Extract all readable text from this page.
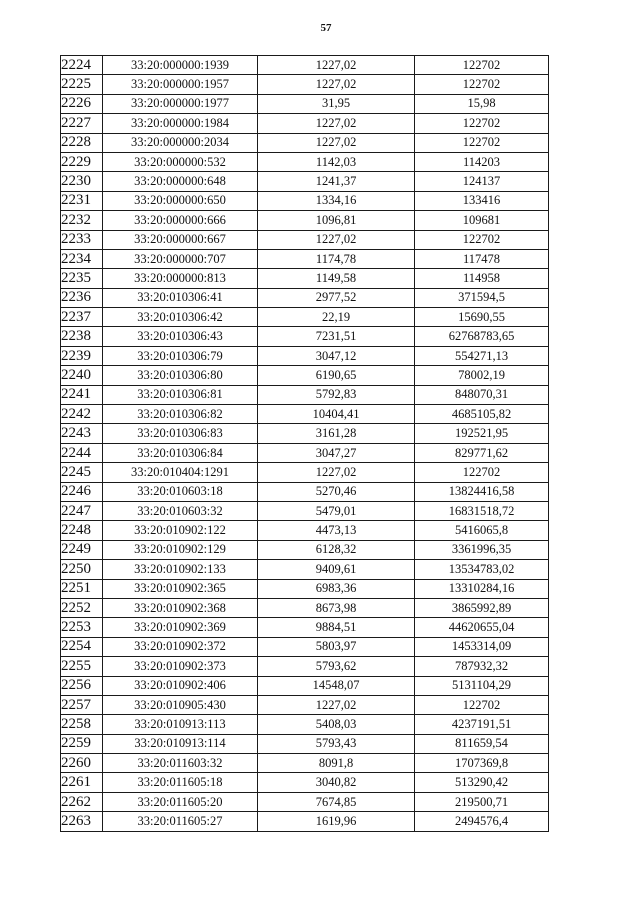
57
2224	33:20:000000:1939	1227,02	122702
2225	33:20:000000:1957	1227,02	122702
2226	33:20:000000:1977	31,95	15,98
2227	33:20:000000:1984	1227,02	122702
2228	33:20:000000:2034	1227,02	122702
2229	33:20:000000:532	1142,03	114203
2230	33:20:000000:648	1241,37	124137
2231	33:20:000000:650	1334,16	133416
2232	33:20:000000:666	1096,81	109681
2233	33:20:000000:667	1227,02	122702
2234	33:20:000000:707	1174,78	117478
2235	33:20:000000:813	1149,58	114958
2236	33:20:010306:41	2977,52	371594,5
2237	33:20:010306:42	22,19	15690,55
2238	33:20:010306:43	7231,51	62768783,65
2239	33:20:010306:79	3047,12	554271,13
2240	33:20:010306:80	6190,65	78002,19
2241	33:20:010306:81	5792,83	848070,31
2242	33:20:010306:82	10404,41	4685105,82
2243	33:20:010306:83	3161,28	192521,95
2244	33:20:010306:84	3047,27	829771,62
2245	33:20:010404:1291	1227,02	122702
2246	33:20:010603:18	5270,46	13824416,58
2247	33:20:010603:32	5479,01	16831518,72
2248	33:20:010902:122	4473,13	5416065,8
2249	33:20:010902:129	6128,32	3361996,35
2250	33:20:010902:133	9409,61	13534783,02
2251	33:20:010902:365	6983,36	13310284,16
2252	33:20:010902:368	8673,98	3865992,89
2253	33:20:010902:369	9884,51	44620655,04
2254	33:20:010902:372	5803,97	1453314,09
2255	33:20:010902:373	5793,62	787932,32
2256	33:20:010902:406	14548,07	5131104,29
2257	33:20:010905:430	1227,02	122702
2258	33:20:010913:113	5408,03	4237191,51
2259	33:20:010913:114	5793,43	811659,54
2260	33:20:011603:32	8091,8	1707369,8
2261	33:20:011605:18	3040,82	513290,42
2262	33:20:011605:20	7674,85	219500,71
2263	33:20:011605:27	1619,96	2494576,4
